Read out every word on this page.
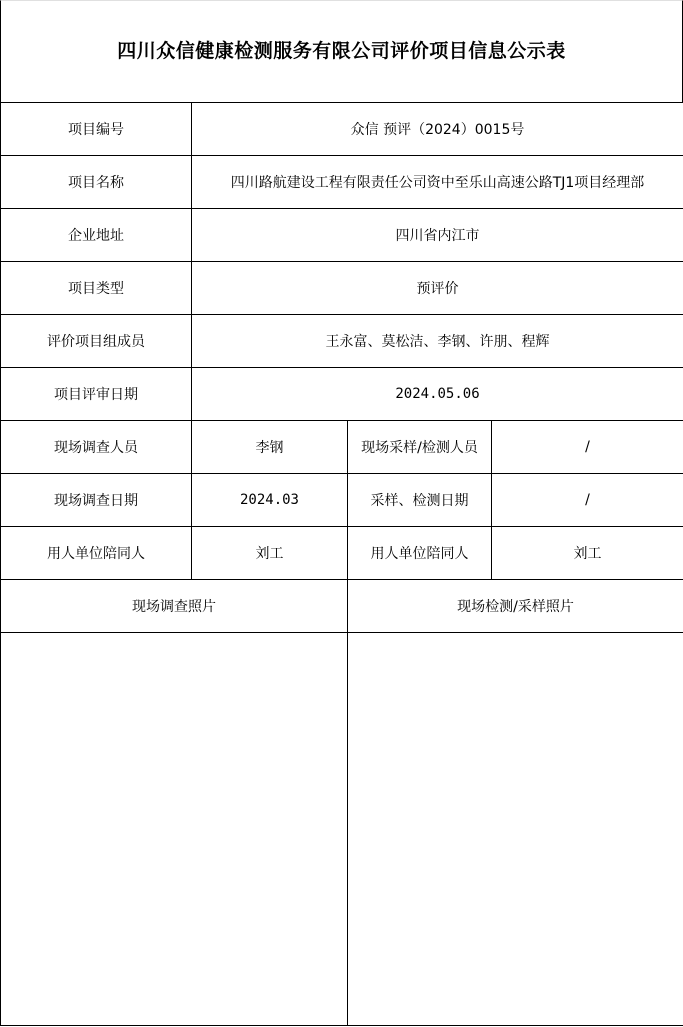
四川众信健康检测服务有限公司评价项目信息公示表
项目编号	众信 预评（2024）0015号		
项目名称	四川路航建设工程有限责任公司资中至乐山高速公路TJ1项目经理部		
企业地址	四川省内江市		
项目类型	预评价		
评价项目组成员	王永富、莫松洁、李钢、许朋、程辉		
项目评审日期	2024.05.06		
现场调查人员	李钢	现场采样/检测人员	/
现场调查日期	2024.03	采样、检测日期	/
用人单位陪同人	刘工	用人单位陪同人	刘工
现场调查照片		现场检测/采样照片	
